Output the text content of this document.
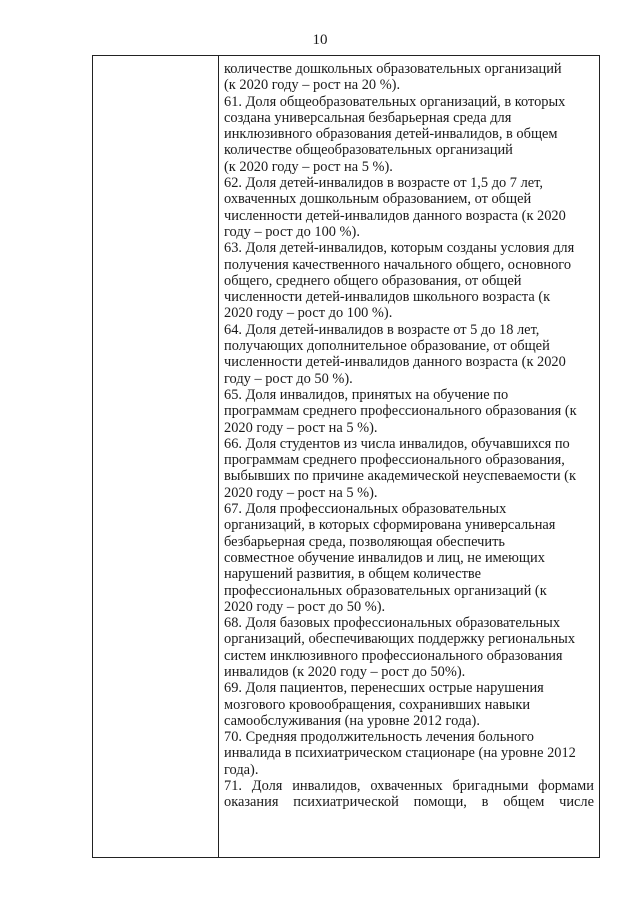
10
количестве дошкольных образовательных организаций
(к 2020 году – рост на 20 %).
61. Доля общеобразовательных организаций, в которых
создана универсальная безбарьерная среда для
инклюзивного образования детей-инвалидов, в общем
количестве общеобразовательных организаций
(к 2020 году – рост на 5 %).
62. Доля детей-инвалидов в возрасте от 1,5 до 7 лет,
охваченных дошкольным образованием, от общей
численности детей-инвалидов данного возраста (к 2020
году – рост до 100 %).
63. Доля детей-инвалидов, которым созданы условия для
получения качественного начального общего, основного
общего, среднего общего образования, от общей
численности детей-инвалидов школьного возраста (к
2020 году – рост до 100 %).
64. Доля детей-инвалидов в возрасте от 5 до 18 лет,
получающих дополнительное образование, от общей
численности детей-инвалидов данного возраста (к 2020
году – рост до 50 %).
65. Доля инвалидов, принятых на обучение по
программам среднего профессионального образования (к
2020 году – рост на 5 %).
66. Доля студентов из числа инвалидов, обучавшихся по
программам среднего профессионального образования,
выбывших по причине академической неуспеваемости (к
2020 году – рост на 5 %).
67. Доля профессиональных образовательных
организаций, в которых сформирована универсальная
безбарьерная среда, позволяющая обеспечить
совместное обучение инвалидов и лиц, не имеющих
нарушений развития, в общем количестве
профессиональных образовательных организаций (к
2020 году – рост до 50 %).
68. Доля базовых профессиональных образовательных
организаций, обеспечивающих поддержку региональных
систем инклюзивного профессионального образования
инвалидов (к 2020 году – рост до 50%).
69. Доля пациентов, перенесших острые нарушения
мозгового кровообращения, сохранивших навыки
самообслуживания (на уровне 2012 года).
70. Средняя продолжительность лечения больного
инвалида в психиатрическом стационаре (на уровне 2012
года).
71. Доля инвалидов, охваченных бригадными формами
оказания психиатрической помощи, в общем числе
